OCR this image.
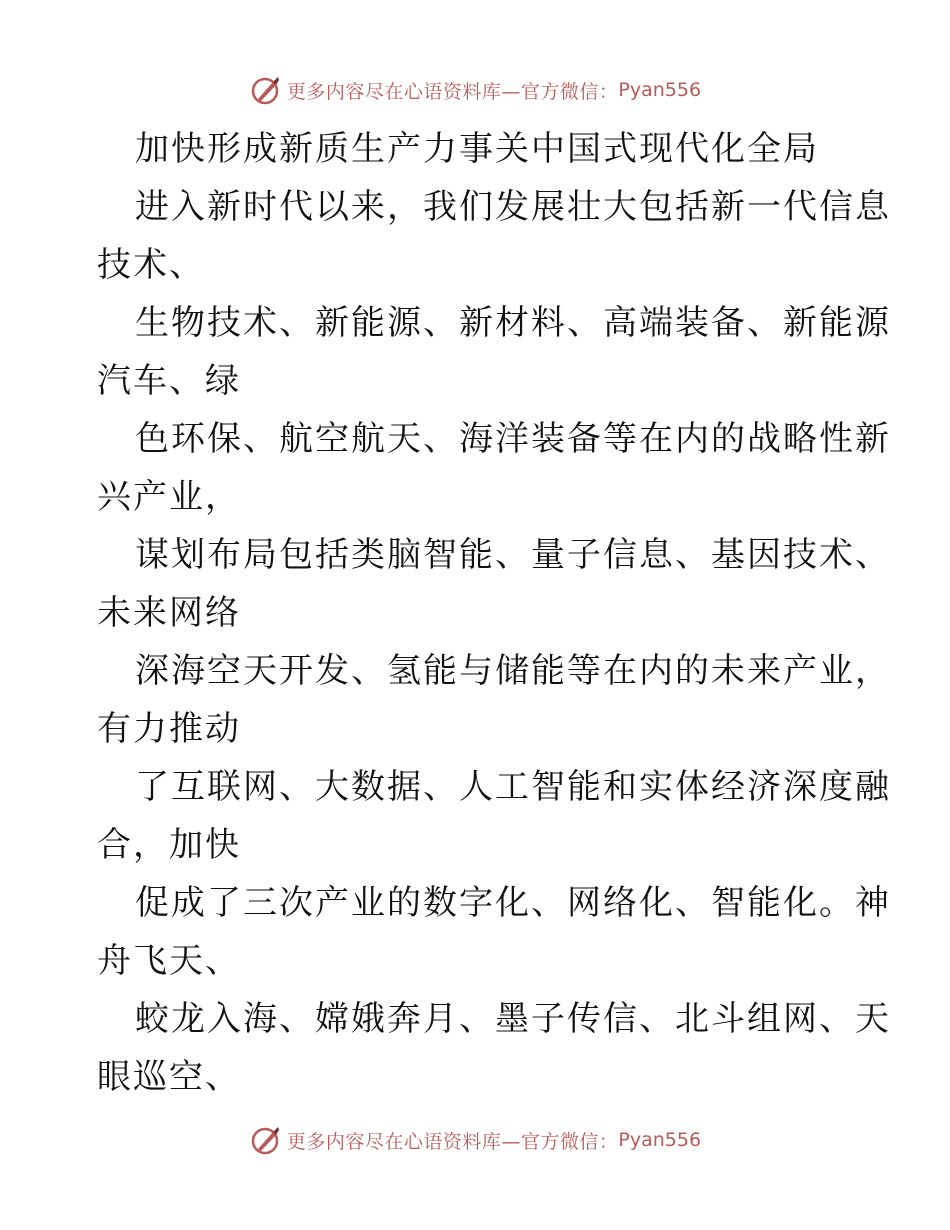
更多内容尽在心语资料库—官方微信： Pyan556
加快形成新质生产力事关中国式现代化全局
进入新时代以来，我们发展壮大包括新一代信息
技术、
生物技术、新能源、新材料、高端装备、新能源
汽车、绿
色环保、航空航天、海洋装备等在内的战略性新
兴产业，
谋划布局包括类脑智能、量子信息、基因技术、
未来网络
深海空天开发、氢能与储能等在内的未来产业，
有力推动
了互联网、大数据、人工智能和实体经济深度融
合，加快
促成了三次产业的数字化、网络化、智能化。神
舟飞天、
蛟龙入海、嫦娥奔月、墨子传信、北斗组网、天
眼巡空、
更多内容尽在心语资料库—官方微信： Pyan556
